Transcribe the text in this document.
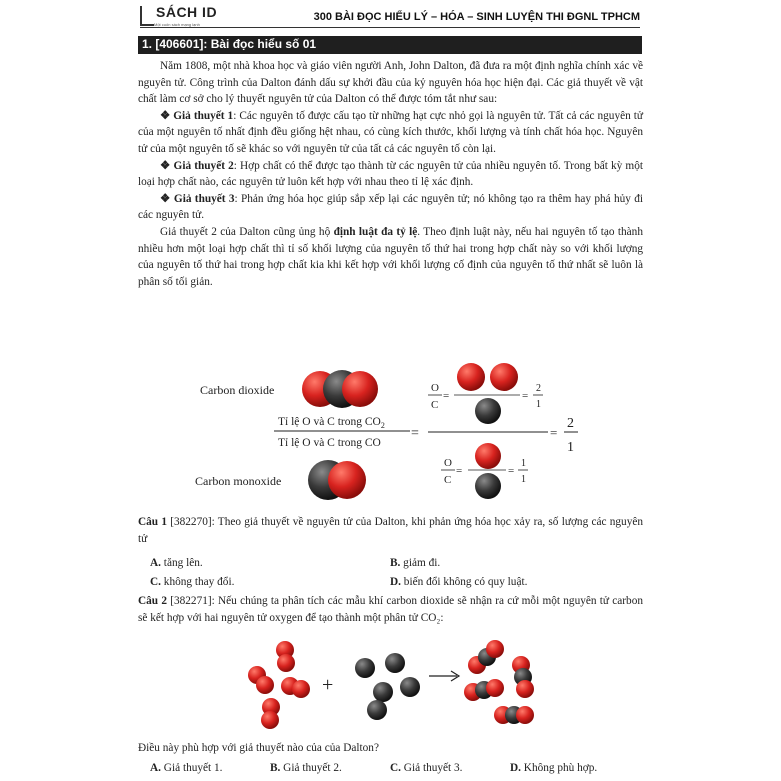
SÁCH ID
Một cuốn sách mạng lạnh
300 BÀI ĐỌC HIỂU LÝ – HÓA – SINH LUYỆN THI ĐGNL TPHCM
1. [406601]: Bài đọc hiểu số 01

Năm 1808, một nhà khoa học và giáo viên người Anh, John Dalton, đã đưa ra một định nghĩa chính xác về nguyên tử. Công trình của Dalton đánh dấu sự khởi đầu của kỷ nguyên hóa học hiện đại. Các giả thuyết về vật chất làm cơ sở cho lý thuyết nguyên tử của Dalton có thể được tóm tắt như sau:

❖ Giả thuyết 1: Các nguyên tố được cấu tạo từ những hạt cực nhỏ gọi là nguyên tử. Tất cả các nguyên tử của một nguyên tố nhất định đều giống hệt nhau, có cùng kích thước, khối lượng và tính chất hóa học. Nguyên tử của một nguyên tố sẽ khác so với nguyên tử của tất cả các nguyên tố còn lại.

❖ Giả thuyết 2: Hợp chất có thể được tạo thành từ các nguyên tử của nhiều nguyên tố. Trong bất kỳ một loại hợp chất nào, các nguyên tử luôn kết hợp với nhau theo tỉ lệ xác định.

❖ Giả thuyết 3: Phản ứng hóa học giúp sắp xếp lại các nguyên tử; nó không tạo ra thêm hay phá hủy đi các nguyên tử.

Giả thuyết 2 của Dalton cũng ủng hộ định luật đa tỷ lệ. Theo định luật này, nếu hai nguyên tố tạo thành nhiều hơn một loại hợp chất thì tỉ số khối lượng của nguyên tố thứ hai trong hợp chất này so với khối lượng của nguyên tố thứ hai trong hợp chất kia khi kết hợp với khối lượng cố định của nguyên tố thứ nhất sẽ luôn là phân số tối giản.

Carbon dioxide
Tỉ lệ O và C trong $CO_2$
Tỉ lệ O và C trong CO
=
O
C
=	=
2
1
=
2
1
O
C
=	=
1
1
Carbon monoxide

Câu 1 [382270]: Theo giả thuyết về nguyên tử của Dalton, khi phản ứng hóa học xảy ra, số lượng các nguyên tử

A. tăng lên.	B. giảm đi.
C. không thay đổi.	D. biến đổi không có quy luật.

Câu 2 [382271]: Nếu chúng ta phân tích các mẫu khí carbon dioxide sẽ nhận ra cứ mỗi một nguyên tử carbon sẽ kết hợp với hai nguyên tử oxygen để tạo thành một phân tử CO₂:

+

Điều này phù hợp với giả thuyết nào của của Dalton?

A. Giả thuyết 1.	B. Giả thuyết 2.	C. Giả thuyết 3.	D. Không phù hợp.
